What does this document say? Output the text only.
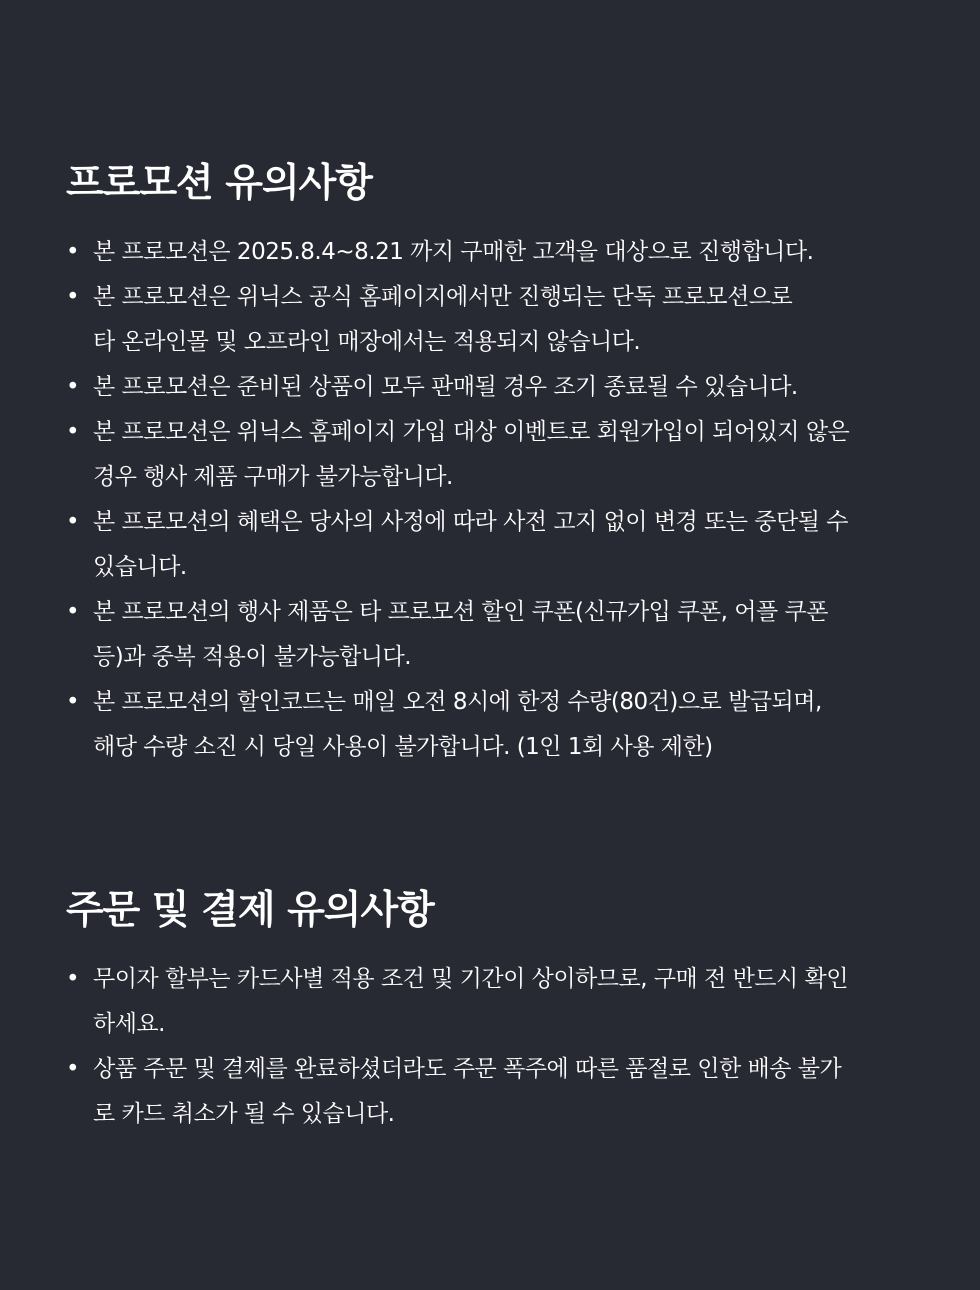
프로모션 유의사항
• 본 프로모션은 2025.8.4~8.21 까지 구매한 고객을 대상으로 진행합니다.
• 본 프로모션은 위닉스 공식 홈페이지에서만 진행되는 단독 프로모션으로
타 온라인몰 및 오프라인 매장에서는 적용되지 않습니다.
• 본 프로모션은 준비된 상품이 모두 판매될 경우 조기 종료될 수 있습니다.
• 본 프로모션은 위닉스 홈페이지 가입 대상 이벤트로 회원가입이 되어있지 않은
경우 행사 제품 구매가 불가능합니다.
• 본 프로모션의 혜택은 당사의 사정에 따라 사전 고지 없이 변경 또는 중단될 수
있습니다.
• 본 프로모션의 행사 제품은 타 프로모션 할인 쿠폰(신규가입 쿠폰, 어플 쿠폰
등)과 중복 적용이 불가능합니다.
• 본 프로모션의 할인코드는 매일 오전 8시에 한정 수량(80건)으로 발급되며,
해당 수량 소진 시 당일 사용이 불가합니다. (1인 1회 사용 제한)
주문 및 결제 유의사항
• 무이자 할부는 카드사별 적용 조건 및 기간이 상이하므로, 구매 전 반드시 확인
하세요.
• 상품 주문 및 결제를 완료하셨더라도 주문 폭주에 따른 품절로 인한 배송 불가
로 카드 취소가 될 수 있습니다.
